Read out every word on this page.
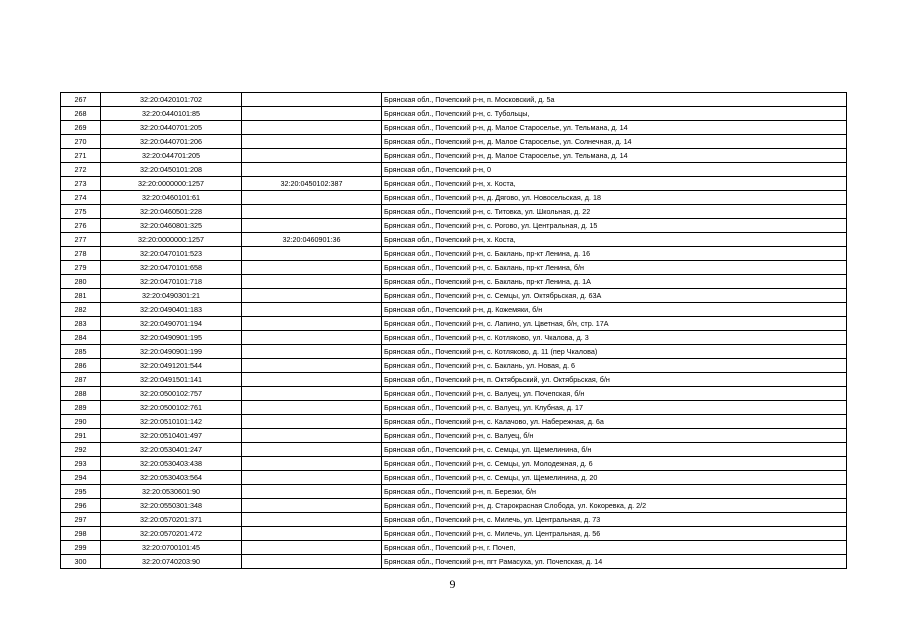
267	32:20:0420101:702		Брянская обл., Почепский р-н, п. Московский, д. 5а
268	32:20:0440101:85		Брянская обл., Почепский р-н, с. Тубольцы,
269	32:20:0440701:205		Брянская обл., Почепский р-н, д. Малое Староселье, ул. Тельмана, д. 14
270	32:20:0440701:206		Брянская обл., Почепский р-н, д. Малое Староселье, ул. Солнечная, д. 14
271	32:20:044701:205		Брянская обл., Почепский р-н, д. Малое Староселье, ул. Тельмана, д. 14
272	32:20:0450101:208		Брянская обл., Почепский р-н, 0
273	32:20:0000000:1257	32:20:0450102:387	Брянская обл., Почепский р-н, х. Коста,
274	32:20:0460101:61		Брянская обл., Почепский р-н, д. Дягово, ул. Новосельская, д. 18
275	32:20:0460501:228		Брянская обл., Почепский р-н, с. Титовка, ул. Школьная, д. 22
276	32:20:0460801:325		Брянская обл., Почепский р-н, с. Рогово, ул. Центральная, д. 15
277	32:20:0000000:1257	32:20:0460901:36	Брянская обл., Почепский р-н, х. Коста,
278	32:20:0470101:523		Брянская обл., Почепский р-н, с. Баклань, пр-кт Ленина, д. 16
279	32:20:0470101:658		Брянская обл., Почепский р-н, с. Баклань, пр-кт Ленина, б/н
280	32:20:0470101:718		Брянская обл., Почепский р-н, с. Баклань, пр-кт Ленина, д. 1А
281	32:20:0490301:21		Брянская обл., Почепский р-н, с. Семцы, ул. Октябрьская, д. 63А
282	32:20:0490401:183		Брянская обл., Почепский р-н, д. Кожемяки, б/н
283	32:20:0490701:194		Брянская обл., Почепский р-н, с. Лапино, ул. Цветная, б/н, стр. 17А
284	32:20:0490901:195		Брянская обл., Почепский р-н, с. Котляково, ул. Чкалова, д. 3
285	32:20:0490901:199		Брянская обл., Почепский р-н, с. Котляково, д. 11 (пер Чкалова)
286	32:20:0491201:544		Брянская обл., Почепский р-н, с. Баклань, ул. Новая, д. 6
287	32:20:0491501:141		Брянская обл., Почепский р-н, п. Октябрьский, ул. Октябрьская, б/н
288	32:20:0500102:757		Брянская обл., Почепский р-н, с. Валуец, ул. Почепская, б/н
289	32:20:0500102:761		Брянская обл., Почепский р-н, с. Валуец, ул. Клубная, д. 17
290	32:20:0510101:142		Брянская обл., Почепский р-н, с. Калачово, ул. Набережная, д. 6а
291	32:20:0510401:497		Брянская обл., Почепский р-н, с. Валуец, б/н
292	32:20:0530401:247		Брянская обл., Почепский р-н, с. Семцы, ул. Щемелинина, б/н
293	32:20:0530403:438		Брянская обл., Почепский р-н, с. Семцы, ул. Молодежная, д. 6
294	32:20:0530403:564		Брянская обл., Почепский р-н, с. Семцы, ул. Щемелинина, д. 20
295	32:20:0530601:90		Брянская обл., Почепский р-н, п. Березки, б/н
296	32:20:0550301:348		Брянская обл., Почепский р-н, д. Старокрасная Слобода, ул. Кокоревка, д. 2/2
297	32:20:0570201:371		Брянская обл., Почепский р-н, с. Милечь, ул. Центральная, д. 73
298	32:20:0570201:472		Брянская обл., Почепский р-н, с. Милечь, ул. Центральная, д. 56
299	32:20:0700101:45		Брянская обл., Почепский р-н, г. Почеп,
300	32:20:0740203:90		Брянская обл., Почепский р-н, пгт Рамасуха, ул. Почепская, д. 14
9
